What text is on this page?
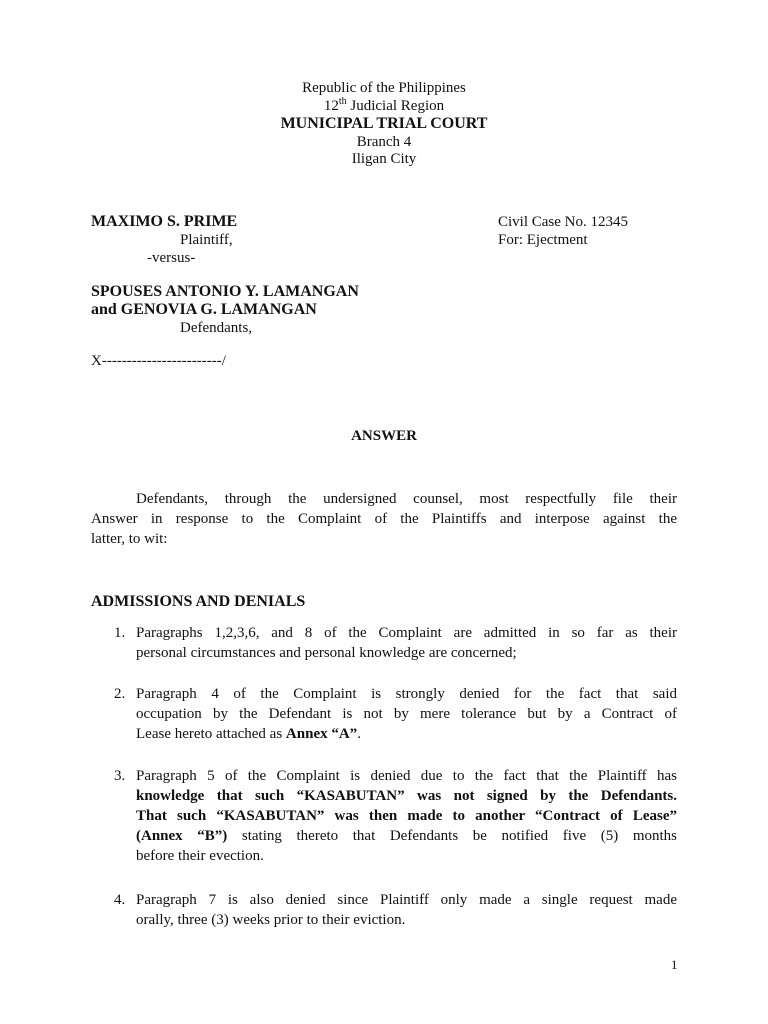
Republic of the Philippines
12th Judicial Region
MUNICIPAL TRIAL COURT
Branch 4
Iligan City
MAXIMO S. PRIME
Plaintiff,
-versus-
Civil Case No. 12345
For: Ejectment
SPOUSES ANTONIO Y. LAMANGAN
and GENOVIA G. LAMANGAN
Defendants,
X------------------------/
ANSWER
Defendants, through the undersigned counsel, most respectfully file their
Answer in response to the Complaint of the Plaintiffs and interpose against the
latter, to wit:
ADMISSIONS AND DENIALS
1. Paragraphs 1,2,3,6, and 8 of the Complaint are admitted in so far as their
personal circumstances and personal knowledge are concerned;
2. Paragraph 4 of the Complaint is strongly denied for the fact that said
occupation by the Defendant is not by mere tolerance but by a Contract of
Lease hereto attached as Annex “A”.
3. Paragraph 5 of the Complaint is denied due to the fact that the Plaintiff has
knowledge that such “KASABUTAN” was not signed by the Defendants.
That such “KASABUTAN” was then made to another “Contract of Lease”
(Annex “B”) stating thereto that Defendants be notified five (5) months
before their evection.
4. Paragraph 7 is also denied since Plaintiff only made a single request made
orally, three (3) weeks prior to their eviction.
1
